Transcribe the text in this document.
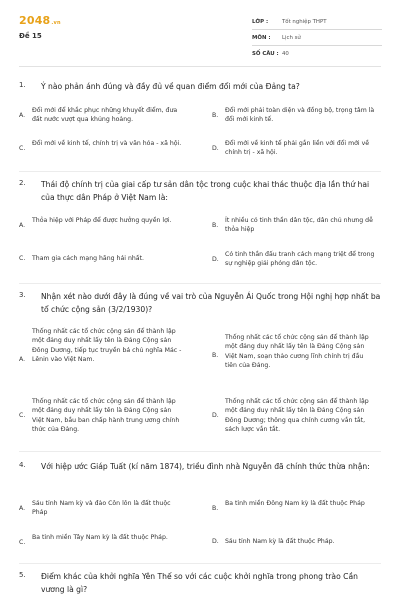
2048.vn
Đề 15
LỚP :	Tốt nghiệp THPT
MÔN :	Lịch sử
SỐ CÂU : 40
1. Ý nào phản ánh đúng và đầy đủ về quan điểm đổi mới của Đảng ta?
A.
Đổi mới để khắc phục những khuyết điểm, đưa đất nước vượt qua khủng hoảng.
B.
Đổi mới phải toàn diện và đồng bộ, trọng tâm là đổi mới kinh tế.
C.
Đổi mới về kinh tế, chính trị và văn hóa - xã hội.
D.
Đổi mới về kinh tế phải gắn liền với đổi mới về chính trị - xã hội.
2. Thái độ chính trị của giai cấp tư sản dân tộc trong cuộc khai thác thuộc địa lần thứ hai của thực dân Pháp ở Việt Nam là:
A.
Thỏa hiệp với Pháp để được hưởng quyền lợi.
B.
Ít nhiều có tinh thần dân tộc, dân chủ nhưng dễ thỏa hiệp
C. Tham gia cách mạng hăng hái nhất.	D.
Có tinh thần đấu tranh cách mạng triệt để trong sự nghiệp giải phóng dân tộc.
3. Nhận xét nào dưới đây là đúng về vai trò của Nguyễn Ái Quốc trong Hội nghị hợp nhất ba tổ chức cộng sản (3/2/1930)?
A.
Thống nhất các tổ chức cộng sản để thành lập một đảng duy nhất lấy tên là Đảng Cộng sản Đông Dương, tiếp tục truyền bá chủ nghĩa Mác - Lênin vào Việt Nam.
B.
Thống nhất các tổ chức cộng sản để thành lập một đảng duy nhất lấy tên là Đảng Cộng sản Việt Nam, soạn thảo cương lĩnh chính trị đầu tiên của Đảng.
C.
Thống nhất các tổ chức cộng sản để thành lập một đảng duy nhất lấy tên là Đảng Cộng sản Việt Nam, bầu ban chấp hành trung ương chính thức của Đảng.
D.
Thống nhất các tổ chức cộng sản để thành lập một đảng duy nhất lấy tên là Đảng Cộng sản Đông Dương; thông qua chính cương vắn tắt, sách lược vắn tắt.
4. Với hiệp ước Giáp Tuất (kí năm 1874), triều đình nhà Nguyễn đã chính thức thừa nhận:
A.
Sáu tỉnh Nam kỳ và đảo Côn lôn là đất thuộc Pháp
B.
Ba tỉnh miền Đông Nam kỳ là đất thuộc Pháp
C.
Ba tỉnh miền Tây Nam kỳ là đất thuộc Pháp.
D. Sáu tỉnh Nam kỳ là đất thuộc Pháp.
5. Điểm khác của khởi nghĩa Yên Thế so với các cuộc khởi nghĩa trong phong trào Cần vương là gì?
